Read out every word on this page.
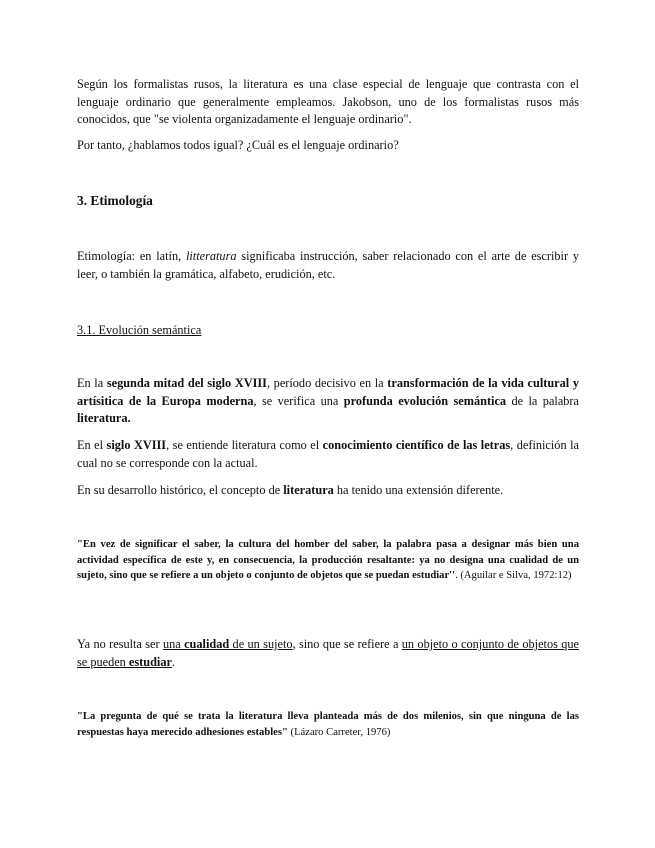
Según los formalistas rusos, la literatura es una clase especial de lenguaje que contrasta con el lenguaje ordinario que generalmente empleamos. Jakobson, uno de los formalistas rusos más conocidos, que "se violenta organizadamente el lenguaje ordinario".

Por tanto, ¿hablamos todos igual? ¿Cuál es el lenguaje ordinario?

3. Etimología

Etimología: en latín, litteratura significaba instrucción, saber relacionado con el arte de escribir y leer, o también la gramática, alfabeto, erudición, etc.

3.1. Evolución semántica

En la segunda mitad del siglo XVIII, período decisivo en la transformación de la vida cultural y artísitica de la Europa moderna, se verifica una profunda evolución semántica de la palabra literatura.

En el siglo XVIII, se entiende literatura como el conocimiento científico de las letras, definición la cual no se corresponde con la actual.

En su desarrollo histórico, el concepto de literatura ha tenido una extensión diferente.

"En vez de significar el saber, la cultura del homber del saber, la palabra pasa a designar más bien una actividad específica de este y, en consecuencia, la producción resaltante: ya no designa una cualidad de un sujeto, sino que se refiere a un objeto o conjunto de objetos que se puedan estudiar''. (Aguilar e Silva, 1972:12)

Ya no resulta ser una cualidad de un sujeto, sino que se refiere a un objeto o conjunto de objetos que se pueden estudiar.

"La pregunta de qué se trata la literatura lleva planteada más de dos milenios, sin que ninguna de las respuestas haya merecido adhesiones estables" (Lázaro Carreter, 1976)
